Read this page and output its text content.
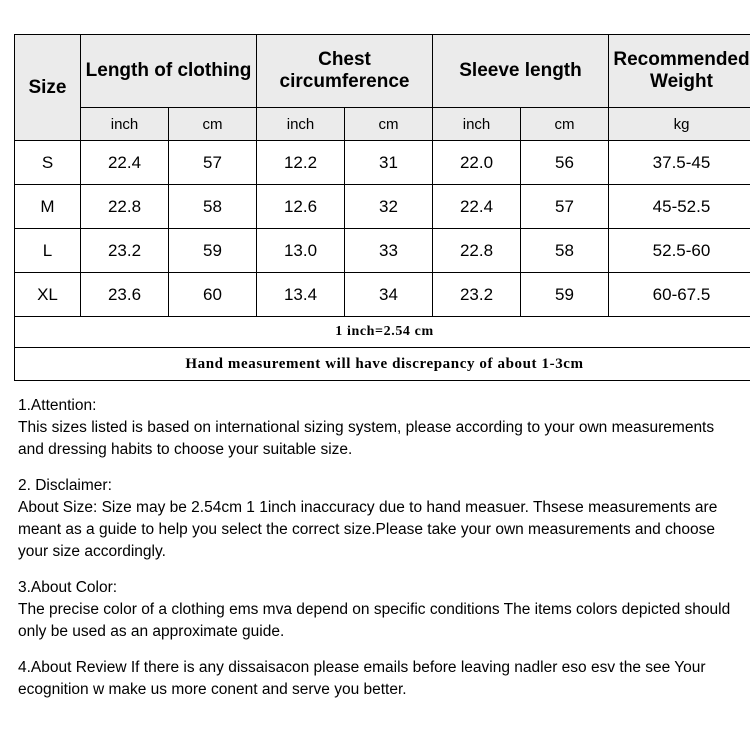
Size	Length of clothing		Chest circumference		Sleeve length		Recommended Weight
	inch	cm	inch	cm	inch	cm	kg
S	22.4	57	12.2	31	22.0	56	37.5-45
M	22.8	58	12.6	32	22.4	57	45-52.5
L	23.2	59	13.0	33	22.8	58	52.5-60
XL	23.6	60	13.4	34	23.2	59	60-67.5
1 inch=2.54 cm							
Hand measurement will have discrepancy of about 1-3cm							

1.Attention:
This sizes listed is based on international sizing system, please according to your own measurements and dressing habits to choose your suitable size.

2. Disclaimer:
About Size: Size may be 2.54cm 1 1inch inaccuracy due to hand measuer. Thsese measurements are meant as a guide to help you select the correct size.Please take your own measurements and choose your size accordingly.

3.About Color:
The precise color of a clothing ems mva depend on specific conditions The items colors depicted should only be used as an approximate guide.

4.About Review If there is any dissaisacon please emails before leaving nadler eso esv the see Your ecognition w make us more conent and serve you better.
